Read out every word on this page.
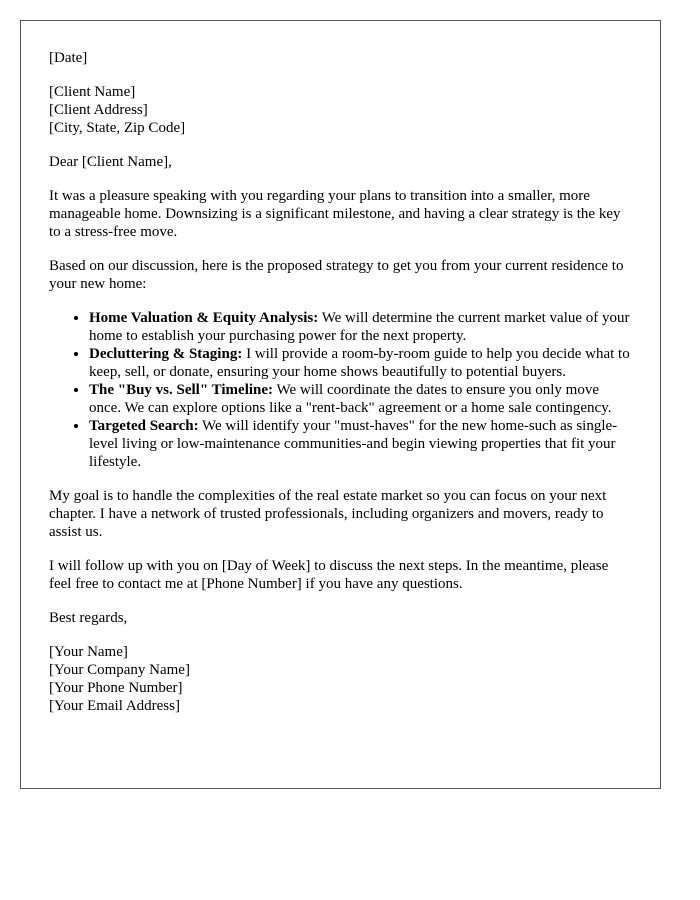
[Date]

[Client Name]
[Client Address]
[City, State, Zip Code]

Dear [Client Name],

It was a pleasure speaking with you regarding your plans to transition into a smaller, more manageable home. Downsizing is a significant milestone, and having a clear strategy is the key to a stress-free move.

Based on our discussion, here is the proposed strategy to get you from your current residence to your new home:

• Home Valuation & Equity Analysis: We will determine the current market value of your home to establish your purchasing power for the next property.
• Decluttering & Staging: I will provide a room-by-room guide to help you decide what to keep, sell, or donate, ensuring your home shows beautifully to potential buyers.
• The "Buy vs. Sell" Timeline: We will coordinate the dates to ensure you only move once. We can explore options like a "rent-back" agreement or a home sale contingency.
• Targeted Search: We will identify your "must-haves" for the new home-such as single-level living or low-maintenance communities-and begin viewing properties that fit your lifestyle.

My goal is to handle the complexities of the real estate market so you can focus on your next chapter. I have a network of trusted professionals, including organizers and movers, ready to assist us.

I will follow up with you on [Day of Week] to discuss the next steps. In the meantime, please feel free to contact me at [Phone Number] if you have any questions.

Best regards,

[Your Name]
[Your Company Name]
[Your Phone Number]
[Your Email Address]
